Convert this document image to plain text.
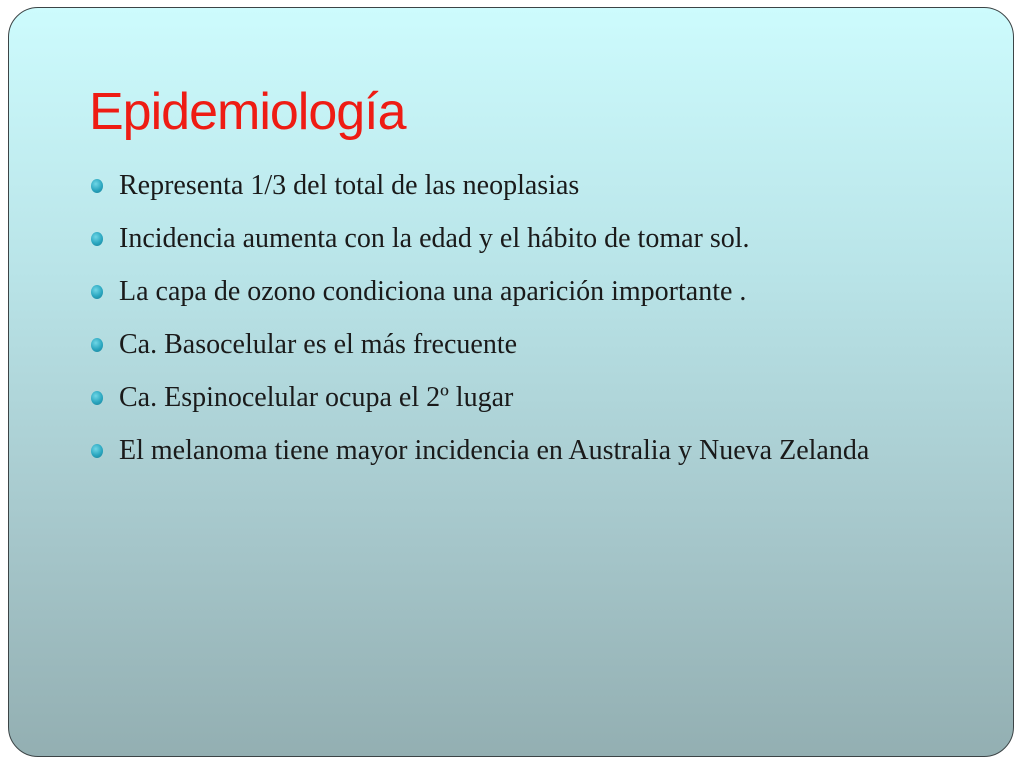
Epidemiología
Representa 1/3 del total de las neoplasias
Incidencia aumenta con la edad y el hábito de tomar sol.
La capa de ozono condiciona una aparición importante .
Ca. Basocelular es el más frecuente
Ca. Espinocelular ocupa el 2º lugar
El melanoma tiene mayor incidencia en Australia y Nueva Zelanda
